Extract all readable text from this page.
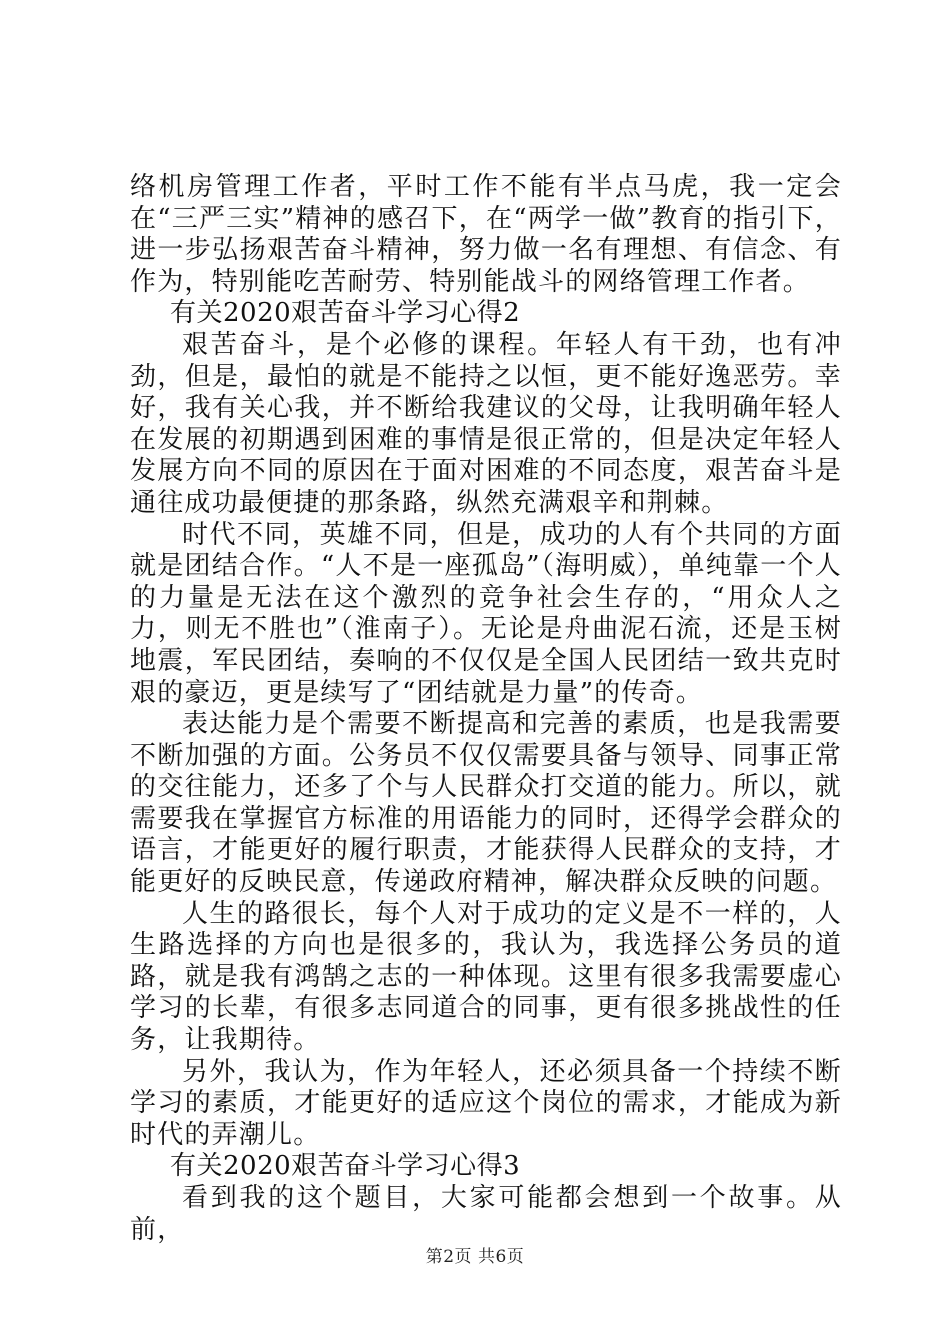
络机房管理工作者，平时工作不能有半点马虎，我一定会在“三严三实”精神的感召下，在“两学一做”教育的指引下，进一步弘扬艰苦奋斗精神，努力做一名有理想、有信念、有作为，特别能吃苦耐劳、特别能战斗的网络管理工作者。

有关2020艰苦奋斗学习心得2

艰苦奋斗，是个必修的课程。年轻人有干劲，也有冲劲，但是，最怕的就是不能持之以恒，更不能好逸恶劳。幸好，我有关心我，并不断给我建议的父母，让我明确年轻人在发展的初期遇到困难的事情是很正常的，但是决定年轻人发展方向不同的原因在于面对困难的不同态度，艰苦奋斗是通往成功最便捷的那条路，纵然充满艰辛和荆棘。

时代不同，英雄不同，但是，成功的人有个共同的方面就是团结合作。“人不是一座孤岛”（海明威），单纯靠一个人的力量是无法在这个激烈的竞争社会生存的，“用众人之力，则无不胜也”（淮南子）。无论是舟曲泥石流，还是玉树地震，军民团结，奏响的不仅仅是全国人民团结一致共克时艰的豪迈，更是续写了“团结就是力量”的传奇。

表达能力是个需要不断提高和完善的素质，也是我需要不断加强的方面。公务员不仅仅需要具备与领导、同事正常的交往能力，还多了个与人民群众打交道的能力。所以，就需要我在掌握官方标准的用语能力的同时，还得学会群众的语言，才能更好的履行职责，才能获得人民群众的支持，才能更好的反映民意，传递政府精神，解决群众反映的问题。

人生的路很长，每个人对于成功的定义是不一样的，人生路选择的方向也是很多的，我认为，我选择公务员的道路，就是我有鸿鹄之志的一种体现。这里有很多我需要虚心学习的长辈，有很多志同道合的同事，更有很多挑战性的任务，让我期待。

另外，我认为，作为年轻人，还必须具备一个持续不断学习的素质，才能更好的适应这个岗位的需求，才能成为新时代的弄潮儿。

有关2020艰苦奋斗学习心得3

看到我的这个题目，大家可能都会想到一个故事。从前，

第2页 共6页
